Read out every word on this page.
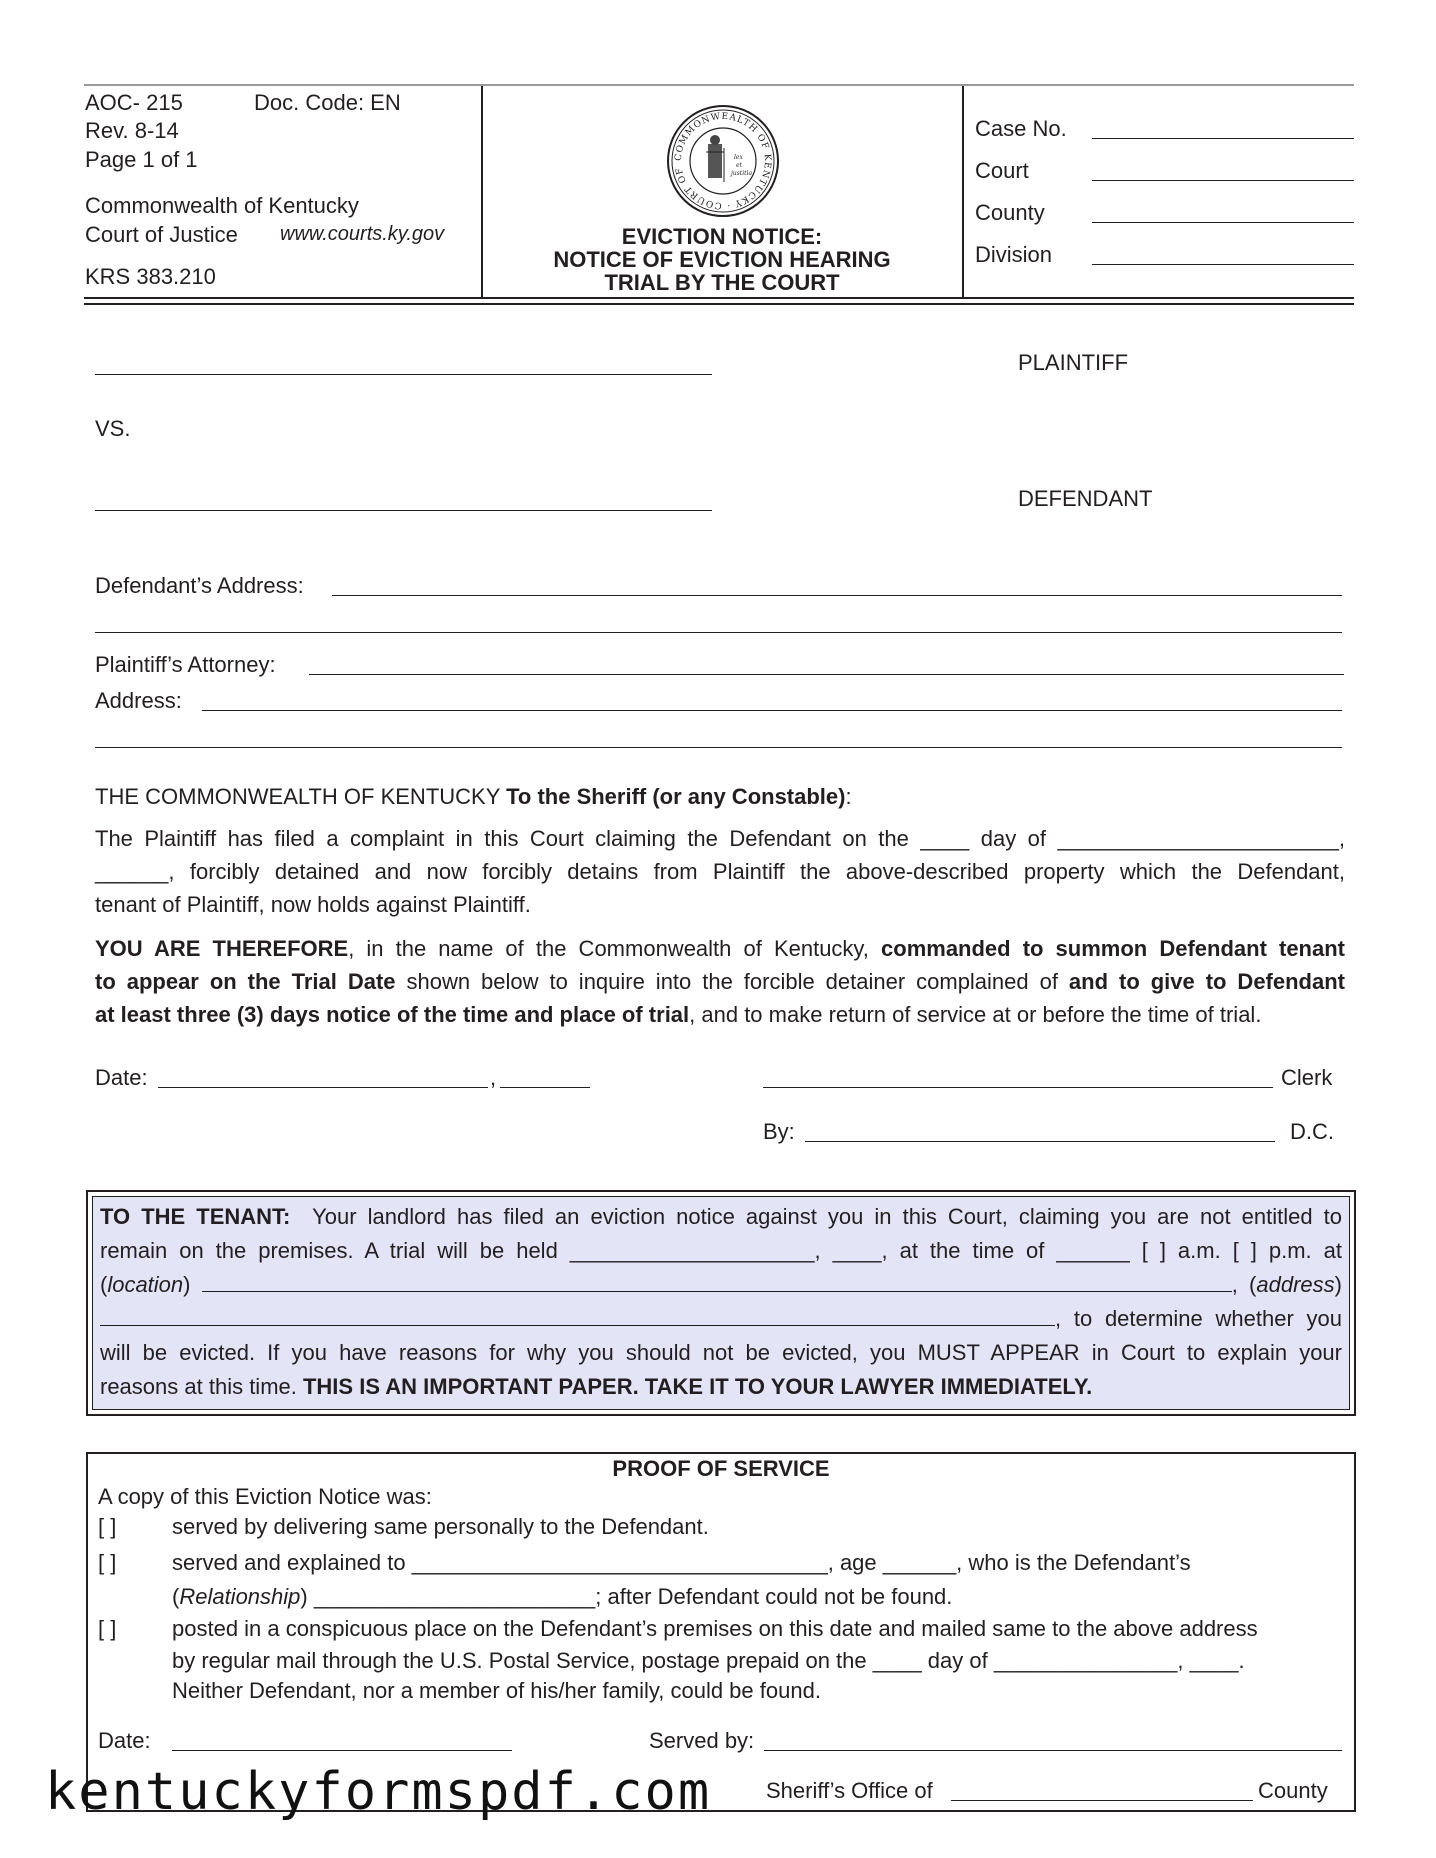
AOC- 215	Doc. Code: EN
Rev. 8-14
Page 1 of 1
Commonwealth of Kentucky
Court of Justice www.courts.ky.gov
KRS 383.210
COMMONWEALTH OF KENTUCKY · COURT OF
lex
et
justitia
EVICTION NOTICE:
NOTICE OF EVICTION HEARING
TRIAL BY THE COURT
Case No.
Court
County
Division
PLAINTIFF
VS.
DEFENDANT
Defendant’s Address:
Plaintiff’s Attorney:
Address:
THE COMMONWEALTH OF KENTUCKY To the Sheriff (or any Constable):
The Plaintiff has filed a complaint in this Court claiming the Defendant on the ____ day of _______________________,
______, forcibly detained and now forcibly detains from Plaintiff the above-described property which the Defendant,
tenant of Plaintiff, now holds against Plaintiff.
YOU ARE THEREFORE, in the name of the Commonwealth of Kentucky, commanded to summon Defendant tenant
to appear on the Trial Date shown below to inquire into the forcible detainer complained of and to give to Defendant
at least three (3) days notice of the time and place of trial, and to make return of service at or before the time of trial.
Date:	,	Clerk
By:	D.C.
TO THE TENANT: Your landlord has filed an eviction notice against you in this Court, claiming you are not entitled to
remain on the premises. A trial will be held ____________________, ____, at the time of ______ [ ] a.m. [ ] p.m. at
(location)	, (address)
, to determine whether you
will be evicted. If you have reasons for why you should not be evicted, you MUST APPEAR in Court to explain your
reasons at this time. THIS IS AN IMPORTANT PAPER. TAKE IT TO YOUR LAWYER IMMEDIATELY.
PROOF OF SERVICE
A copy of this Eviction Notice was:
[ ]	served by delivering same personally to the Defendant.
[ ]	served and explained to __________________________________, age ______, who is the Defendant’s
(Relationship) _______________________; after Defendant could not be found.
[ ]	posted in a conspicuous place on the Defendant’s premises on this date and mailed same to the above address
by regular mail through the U.S. Postal Service, postage prepaid on the ____ day of _______________, ____.
Neither Defendant, nor a member of his/her family, could be found.
Date:	Served by:
Sheriff’s Office of	County
kentuckyformspdf.com
